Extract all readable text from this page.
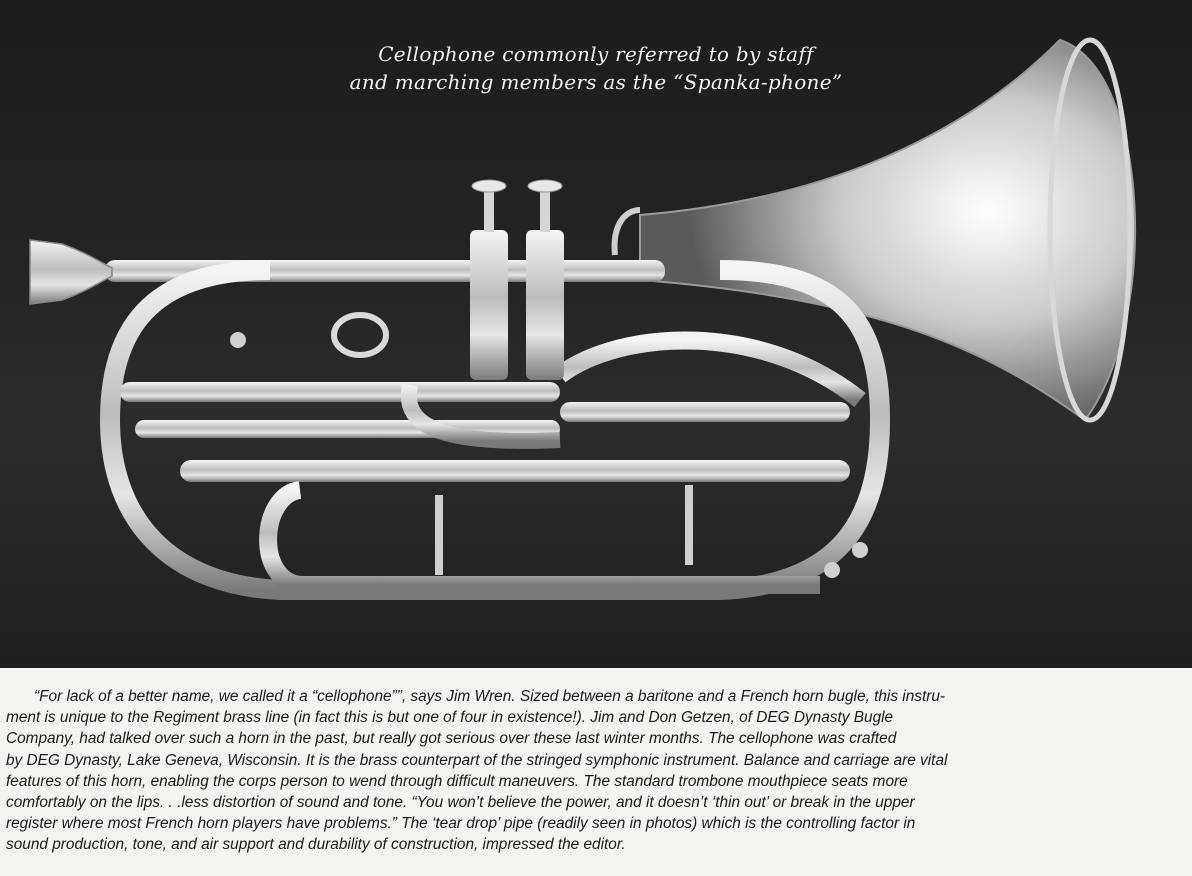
Cellophone commonly referred to by staff
and marching members as the “Spanka-phone”
“For lack of a better name, we called it a “cellophone””, says Jim Wren. Sized between a baritone and a French horn bugle, this instru-
ment is unique to the Regiment brass line (in fact this is but one of four in existence!). Jim and Don Getzen, of DEG Dynasty Bugle
Company, had talked over such a horn in the past, but really got serious over these last winter months. The cellophone was crafted
by DEG Dynasty, Lake Geneva, Wisconsin. It is the brass counterpart of the stringed symphonic instrument. Balance and carriage are vital
features of this horn, enabling the corps person to wend through difficult maneuvers. The standard trombone mouthpiece seats more
comfortably on the lips. . .less distortion of sound and tone. “You won’t believe the power, and it doesn’t ‘thin out’ or break in the upper
register where most French horn players have problems.” The ‘tear drop’ pipe (readily seen in photos) which is the controlling factor in
sound production, tone, and air support and durability of construction, impressed the editor.
